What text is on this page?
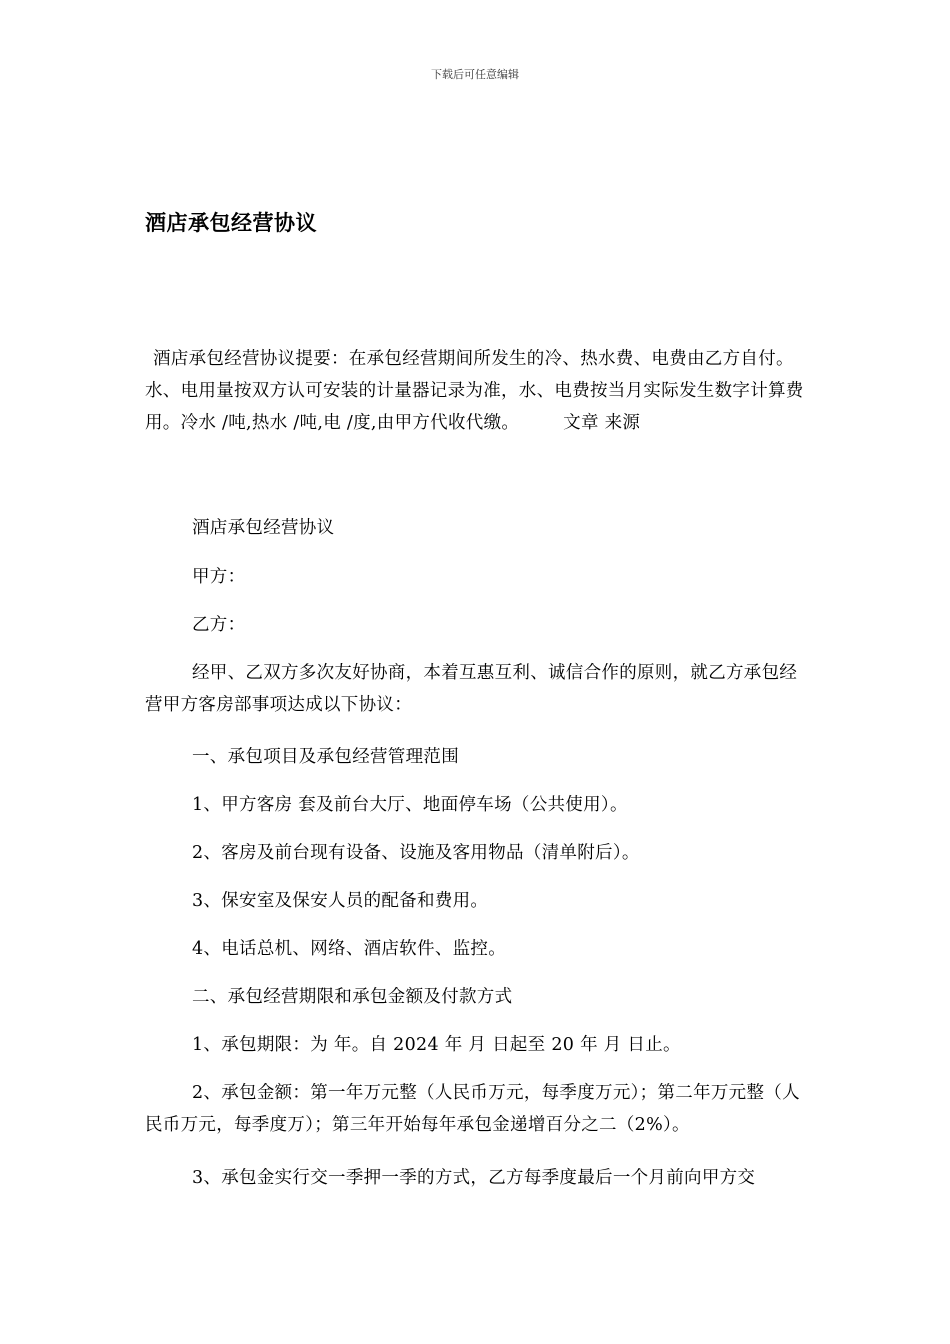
下载后可任意编辑
酒店承包经营协议
酒店承包经营协议提要：在承包经营期间所发生的冷、热水费、电费由乙方自付。水、电用量按双方认可安装的计量器记录为准，水、电费按当月实际发生数字计算费用。冷水 /吨,热水 /吨,电 /度,由甲方代收代缴。	文章 来源
酒店承包经营协议
甲方：
乙方：
经甲、乙双方多次友好协商，本着互惠互利、诚信合作的原则，就乙方承包经营甲方客房部事项达成以下协议：
一、承包项目及承包经营管理范围
1、甲方客房 套及前台大厅、地面停车场（公共使用）。
2、客房及前台现有设备、设施及客用物品（清单附后）。
3、保安室及保安人员的配备和费用。
4、电话总机、网络、酒店软件、监控。
二、承包经营期限和承包金额及付款方式
1、承包期限：为 年。自 2024 年 月 日起至 20 年 月 日止。
2、承包金额：第一年万元整（人民币万元，每季度万元）；第二年万元整（人民币万元，每季度万）；第三年开始每年承包金递增百分之二（2%）。
3、承包金实行交一季押一季的方式，乙方每季度最后一个月前向甲方交
